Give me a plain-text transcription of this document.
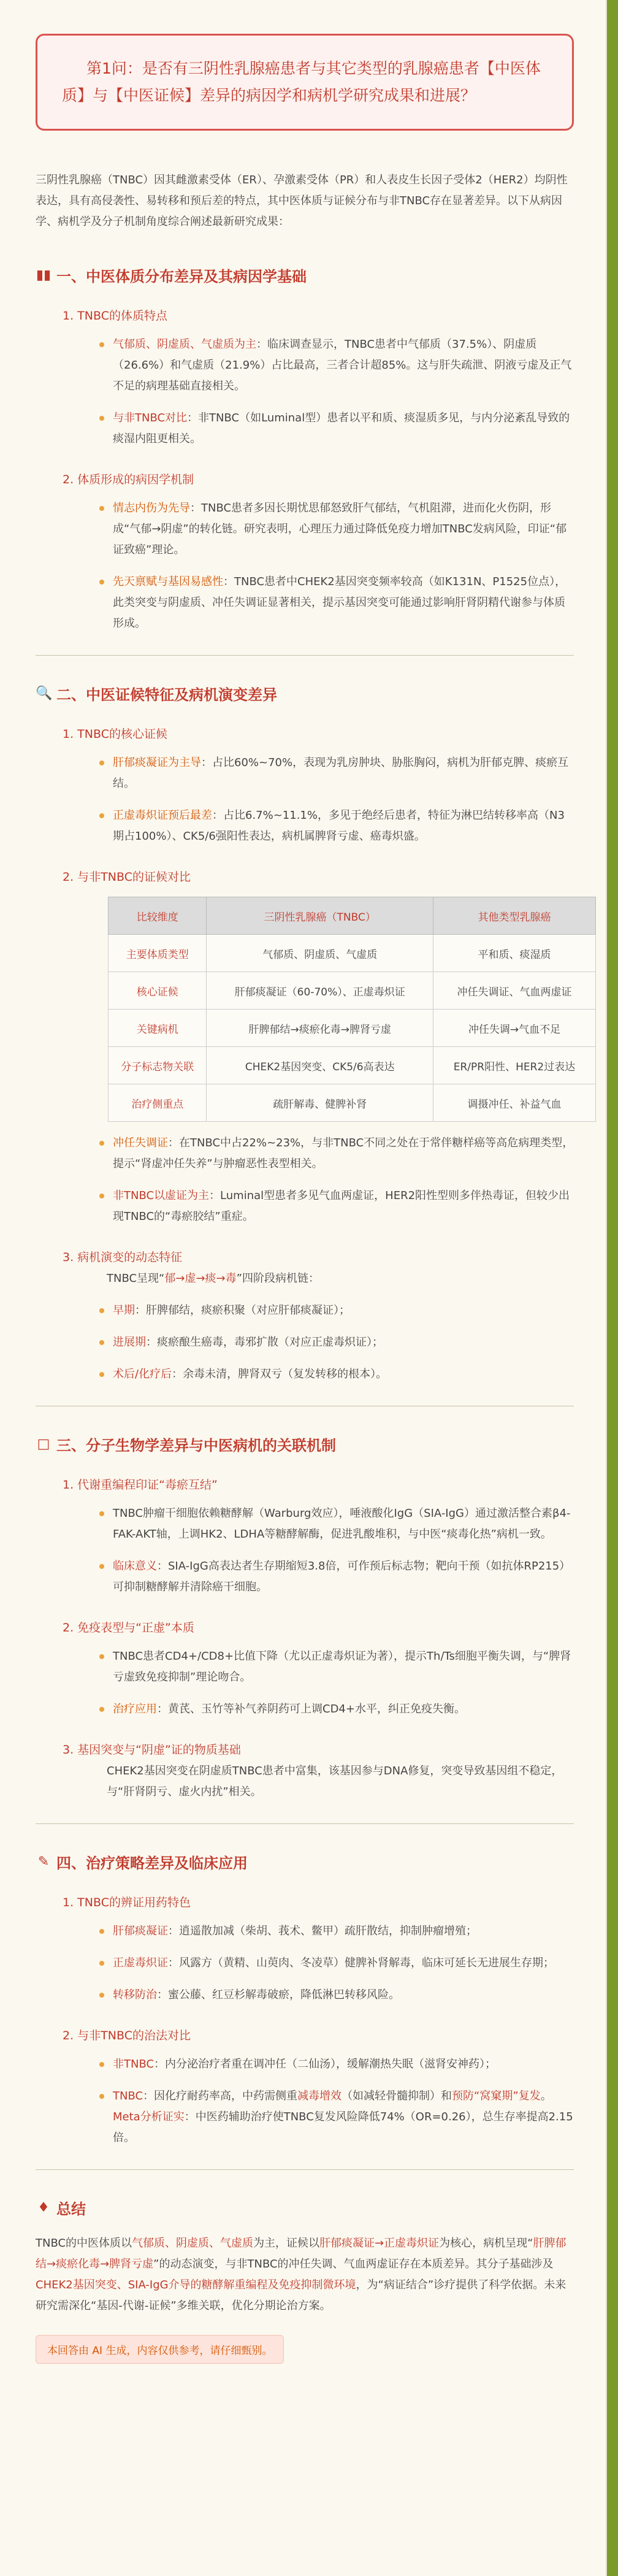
第1问：是否有三阴性乳腺癌患者与其它类型的乳腺癌患者【中医体质】与【中医证候】差异的病因学和病机学研究成果和进展？
三阴性乳腺癌（TNBC）因其雌激素受体（ER）、孕激素受体（PR）和人表皮生长因子受体2（HER2）均阴性表达，具有高侵袭性、易转移和预后差的特点，其中医体质与证候分布与非TNBC存在显著差异。以下从病因学、病机学及分子机制角度综合阐述最新研究成果：
▮▮ 一、中医体质分布差异及其病因学基础
1. TNBC的体质特点
气郁质、阴虚质、气虚质为主：临床调查显示，TNBC患者中气郁质（37.5%）、阴虚质（26.6%）和气虚质（21.9%）占比最高，三者合计超85%。这与肝失疏泄、阴液亏虚及正气不足的病理基础直接相关。
与非TNBC对比：非TNBC（如Luminal型）患者以平和质、痰湿质多见，与内分泌紊乱导致的痰湿内阻更相关。
2. 体质形成的病因学机制
情志内伤为先导：TNBC患者多因长期忧思郁怒致肝气郁结，气机阻滞，进而化火伤阴，形成“气郁→阴虚”的转化链。研究表明，心理压力通过降低免疫力增加TNBC发病风险，印证“郁证致癌”理论。
先天禀赋与基因易感性：TNBC患者中CHEK2基因突变频率较高（如K131N、P1525位点），此类突变与阴虚质、冲任失调证显著相关，提示基因突变可能通过影响肝肾阴精代谢参与体质形成。
🔍 二、中医证候特征及病机演变差异
1. TNBC的核心证候
肝郁痰凝证为主导：占比60%~70%，表现为乳房肿块、胁胀胸闷，病机为肝郁克脾、痰瘀互结。
正虚毒炽证预后最差：占比6.7%~11.1%，多见于绝经后患者，特征为淋巴结转移率高（N3期占100%）、CK5/6强阳性表达，病机属脾肾亏虚、癌毒炽盛。
2. 与非TNBC的证候对比
比较维度	三阴性乳腺癌（TNBC）	其他类型乳腺癌
主要体质类型	气郁质、阴虚质、气虚质	平和质、痰湿质
核心证候	肝郁痰凝证（60-70%）、正虚毒炽证	冲任失调证、气血两虚证
关键病机	肝脾郁结→痰瘀化毒→脾肾亏虚	冲任失调→气血不足
分子标志物关联	CHEK2基因突变、CK5/6高表达	ER/PR阳性、HER2过表达
治疗侧重点	疏肝解毒、健脾补肾	调摄冲任、补益气血
冲任失调证：在TNBC中占22%~23%，与非TNBC不同之处在于常伴糖样癌等高危病理类型，提示“肾虚冲任失养”与肿瘤恶性表型相关。
非TNBC以虚证为主：Luminal型患者多见气血两虚证，HER2阳性型则多伴热毒证，但较少出现TNBC的“毒瘀胶结”重症。
3. 病机演变的动态特征
TNBC呈现“郁→虚→痰→毒”四阶段病机链：
早期：肝脾郁结，痰瘀积聚（对应肝郁痰凝证）；
进展期：痰瘀酿生癌毒，毒邪扩散（对应正虚毒炽证）；
术后/化疗后：余毒未清，脾肾双亏（复发转移的根本）。
□ 三、分子生物学差异与中医病机的关联机制
1. 代谢重编程印证“毒瘀互结”
TNBC肿瘤干细胞依赖糖酵解（Warburg效应），唾液酸化IgG（SIA-IgG）通过激活整合素β4-FAK-AKT轴，上调HK2、LDHA等糖酵解酶，促进乳酸堆积，与中医“痰毒化热”病机一致。
临床意义：SIA-IgG高表达者生存期缩短3.8倍，可作预后标志物；靶向干预（如抗体RP215）可抑制糖酵解并清除癌干细胞。
2. 免疫表型与“正虚”本质
TNBC患者CD4+/CD8+比值下降（尤以正虚毒炽证为著），提示Th/Ts细胞平衡失调，与“脾肾亏虚致免疫抑制”理论吻合。
治疗应用：黄芪、玉竹等补气养阴药可上调CD4+水平，纠正免疫失衡。
3. 基因突变与“阴虚”证的物质基础
CHEK2基因突变在阴虚质TNBC患者中富集，该基因参与DNA修复，突变导致基因组不稳定，与“肝肾阴亏、虚火内扰”相关。
✎ 四、治疗策略差异及临床应用
1. TNBC的辨证用药特色
肝郁痰凝证：逍遥散加减（柴胡、莪术、鳖甲）疏肝散结，抑制肿瘤增殖；
正虚毒炽证：风露方（黄精、山萸肉、冬凌草）健脾补肾解毒，临床可延长无进展生存期；
转移防治：蜜公藤、红豆杉解毒破瘀，降低淋巴转移风险。
2. 与非TNBC的治法对比
非TNBC：内分泌治疗者重在调冲任（二仙汤），缓解潮热失眠（滋肾安神药）；
TNBC：因化疗耐药率高，中药需侧重减毒增效（如减轻骨髓抑制）和预防“窝窠期”复发。
Meta分析证实：中医药辅助治疗使TNBC复发风险降低74%（OR=0.26），总生存率提高2.15倍。
♦ 总结
TNBC的中医体质以气郁质、阴虚质、气虚质为主，证候以肝郁痰凝证→正虚毒炽证为核心，病机呈现“肝脾郁结→痰瘀化毒→脾肾亏虚”的动态演变，与非TNBC的冲任失调、气血两虚证存在本质差异。其分子基础涉及CHEK2基因突变、SIA-IgG介导的糖酵解重编程及免疫抑制微环境，为“病证结合”诊疗提供了科学依据。未来研究需深化“基因-代谢-证候”多维关联，优化分期论治方案。
本回答由 AI 生成，内容仅供参考，请仔细甄别。
